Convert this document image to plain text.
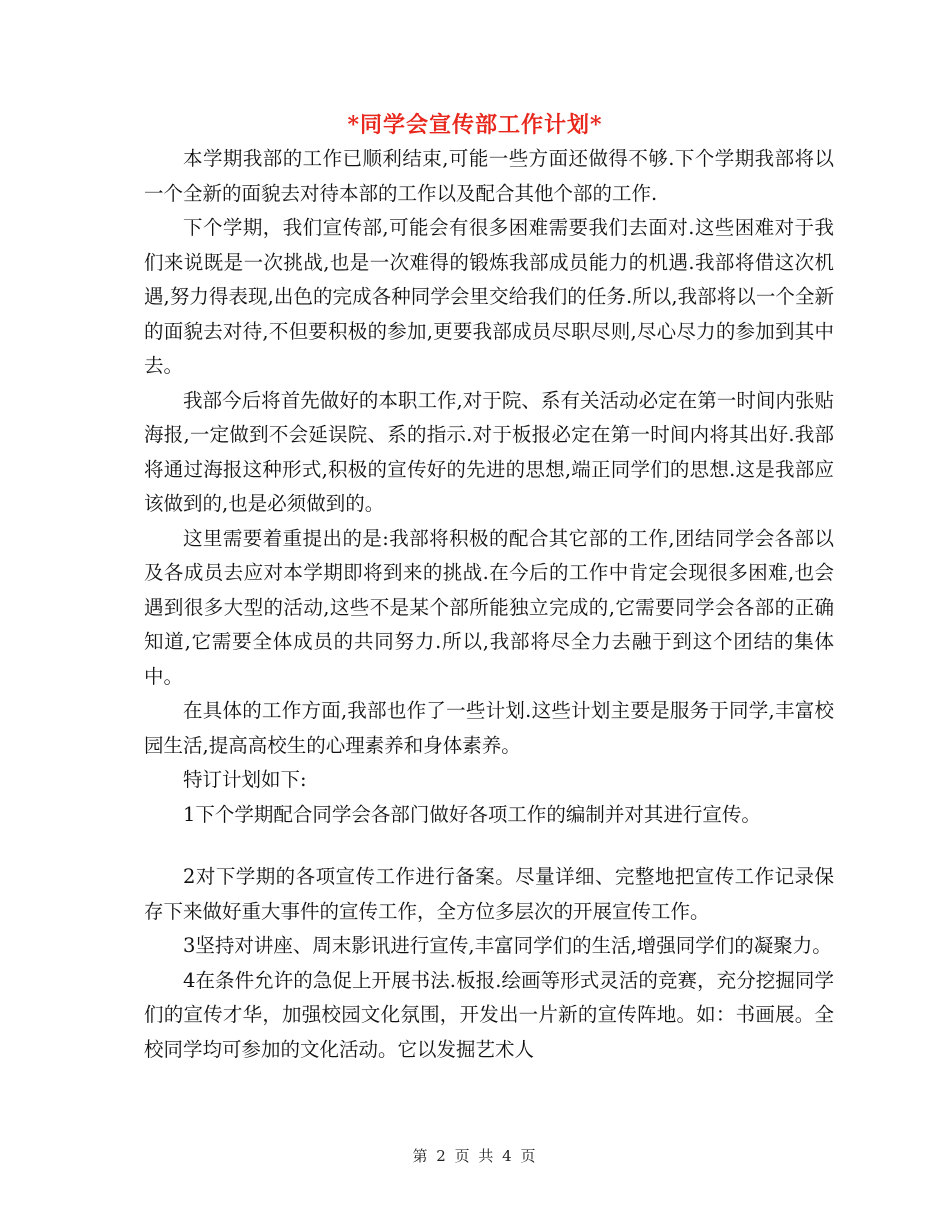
*同学会宣传部工作计划*

本学期我部的工作已顺利结束,可能一些方面还做得不够.下个学期我部将以一个全新的面貌去对待本部的工作以及配合其他个部的工作.

下个学期，我们宣传部,可能会有很多困难需要我们去面对.这些困难对于我们来说既是一次挑战,也是一次难得的锻炼我部成员能力的机遇.我部将借这次机遇,努力得表现,出色的完成各种同学会里交给我们的任务.所以,我部将以一个全新的面貌去对待,不但要积极的参加,更要我部成员尽职尽则,尽心尽力的参加到其中去。

我部今后将首先做好的本职工作,对于院、系有关活动必定在第一时间内张贴海报,一定做到不会延误院、系的指示.对于板报必定在第一时间内将其出好.我部将通过海报这种形式,积极的宣传好的先进的思想,端正同学们的思想.这是我部应该做到的,也是必须做到的。

这里需要着重提出的是:我部将积极的配合其它部的工作,团结同学会各部以及各成员去应对本学期即将到来的挑战.在今后的工作中肯定会现很多困难,也会遇到很多大型的活动,这些不是某个部所能独立完成的,它需要同学会各部的正确知道,它需要全体成员的共同努力.所以,我部将尽全力去融于到这个团结的集体中。

在具体的工作方面,我部也作了一些计划.这些计划主要是服务于同学,丰富校园生活,提高高校生的心理素养和身体素养。

特订计划如下:

1下个学期配合同学会各部门做好各项工作的编制并对其进行宣传。

2对下学期的各项宣传工作进行备案。尽量详细、完整地把宣传工作记录保存下来做好重大事件的宣传工作，全方位多层次的开展宣传工作。

3坚持对讲座、周末影讯进行宣传,丰富同学们的生活,增强同学们的凝聚力。

4在条件允许的急促上开展书法.板报.绘画等形式灵活的竞赛，充分挖掘同学们的宣传才华，加强校园文化氛围，开发出一片新的宣传阵地。如：书画展。全校同学均可参加的文化活动。它以发掘艺术人

第 2 页 共 4 页
